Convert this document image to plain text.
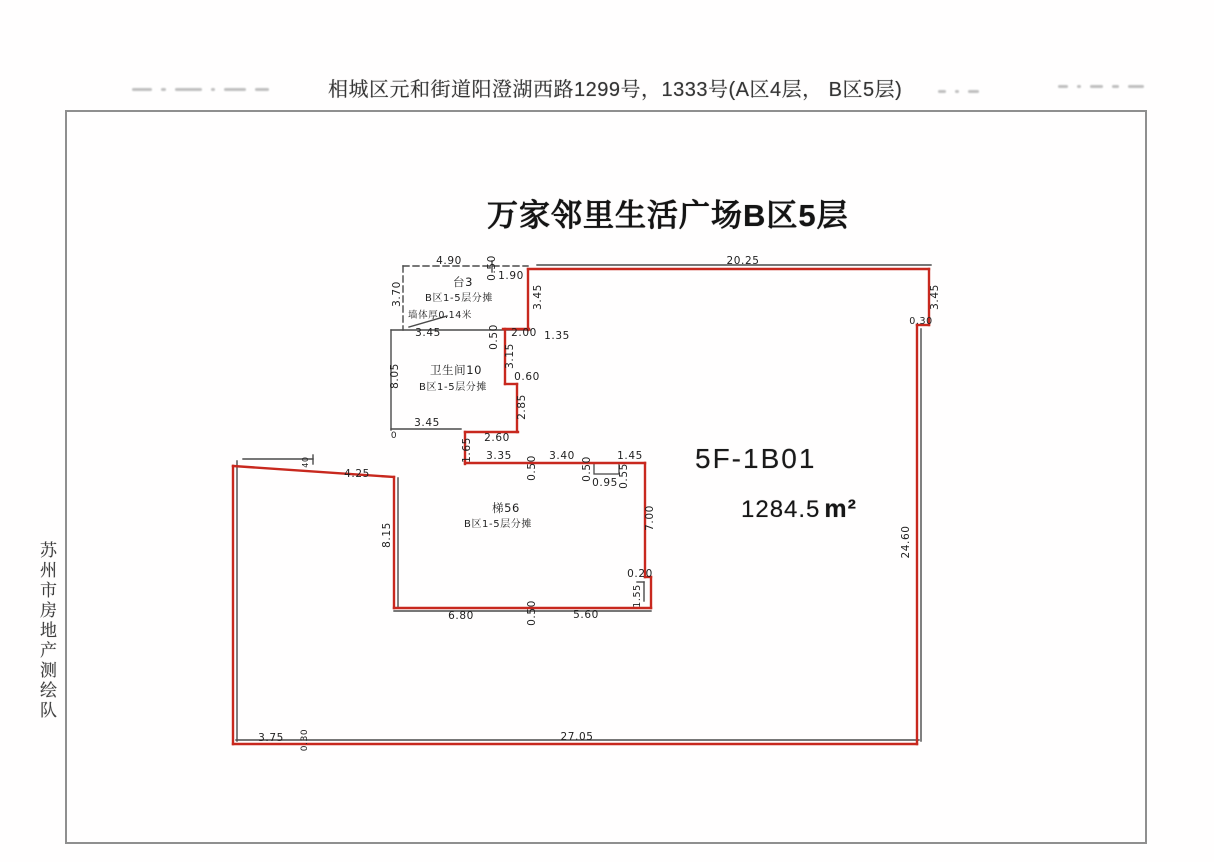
相城区元和街道阳澄湖西路1299号，1333号(A区4层， B区5层)
苏州市房地产测绘队
万家邻里生活广场B区5层
4.90 0.50 1.90
台3
B区1-5层分摊
3.70
墙体厚0.14米
3.45	0.50 2.00 1.35
3.45
20.25
3.45
0.30
卫生间10
B区1-5层分摊
8.05
3.15
0.60
2.85
3.45
0	2.60
1.65 3.35 0.50 3.40
0.50
1.45
0.95 0.55
梯56
B区1-5层分摊	7.00
0.20
1.55
6.80	0.50	5.60
40
4.25
8.15	24.60
3.75 0.30	27.05
5F-1B01
1284.5 m²
